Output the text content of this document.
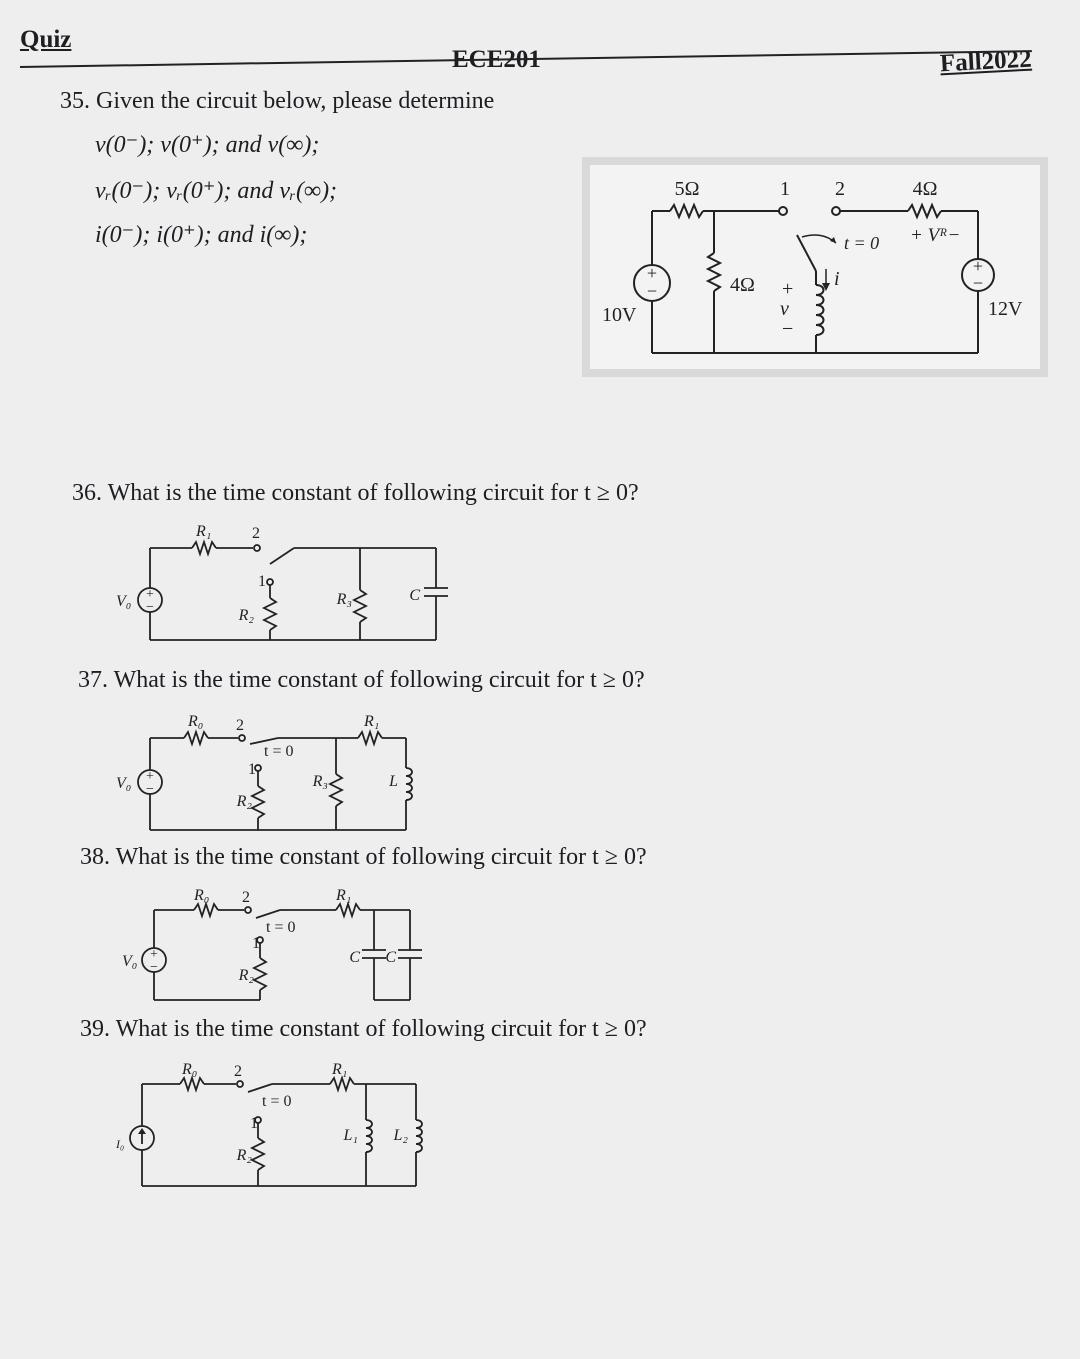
Quiz
ECE201	Fall2022
35. Given the circuit below, please determine
v(0⁻); v(0⁺); and v(∞);
vᵣ(0⁻); vᵣ(0⁺); and vᵣ(∞);
i(0⁻); i(0⁺); and i(∞);
+
−
+
−
5Ω
4Ω
4Ω
1 2
t = 0
10V	12V
+
v
−
+ Vᴿ−
i
36. What is the time constant of following circuit for t ≥ 0?
+
−
V₀
R₁	2
1
R₂
R₃	C
37. What is the time constant of following circuit for t ≥ 0?
+
−
V₀
R₀ 2
t = 0
1
R₂
R₃
R₁
L
38. What is the time constant of following circuit for t ≥ 0?
+
−
V₀
R₀ 2
t = 0
1
R₂
R₁
C C
39. What is the time constant of following circuit for t ≥ 0?
I₀
R₀ 2
t = 0
1
R₂
R₁
L₁ L₂
